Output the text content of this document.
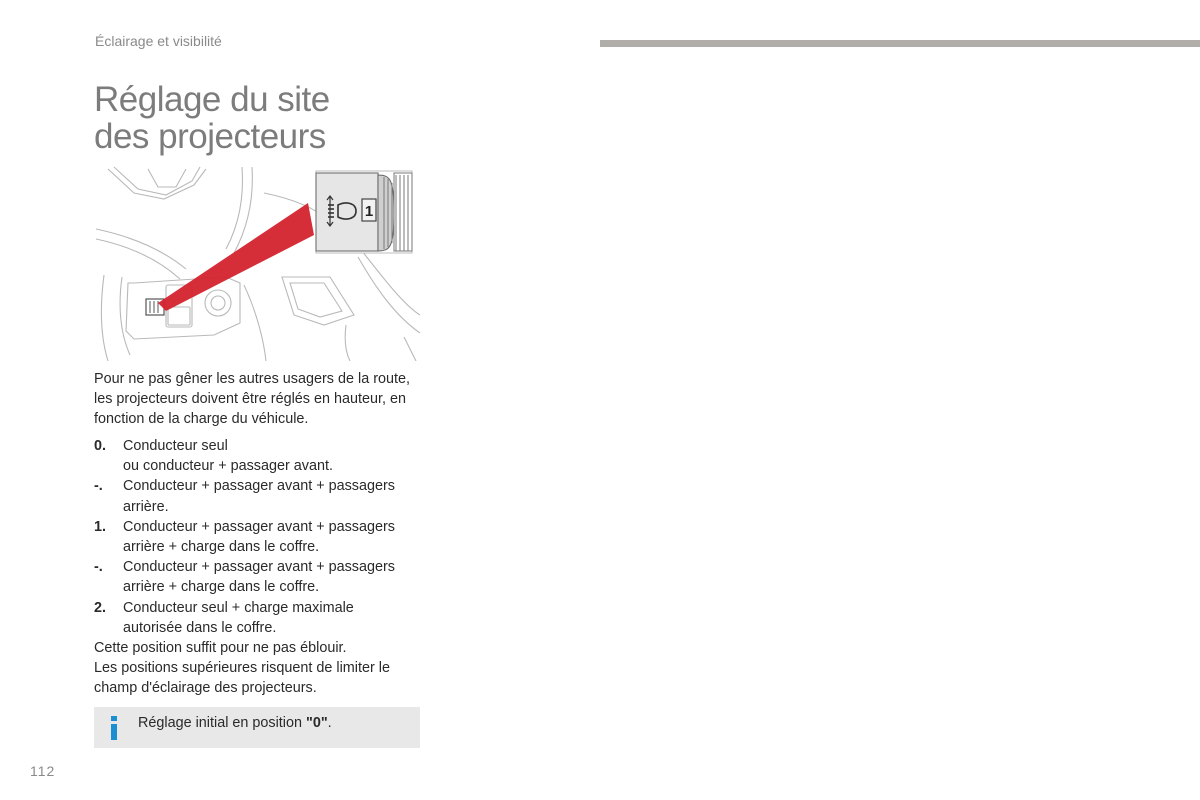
Éclairage et visibilité
Réglage du site
des projecteurs
1
Pour ne pas gêner les autres usagers de la route, les projecteurs doivent être réglés en hauteur, en fonction de la charge du véhicule.
0.	Conducteur seul
ou conducteur + passager avant.
-.	Conducteur + passager avant + passagers
arrière.
1.	Conducteur + passager avant + passagers
arrière + charge dans le coffre.
-.	Conducteur + passager avant + passagers
arrière + charge dans le coffre.
2.	Conducteur seul + charge maximale
autorisée dans le coffre.

Cette position suffit pour ne pas éblouir.

Les positions supérieures risquent de limiter le champ d'éclairage des projecteurs.

Réglage initial en position "0".
112
